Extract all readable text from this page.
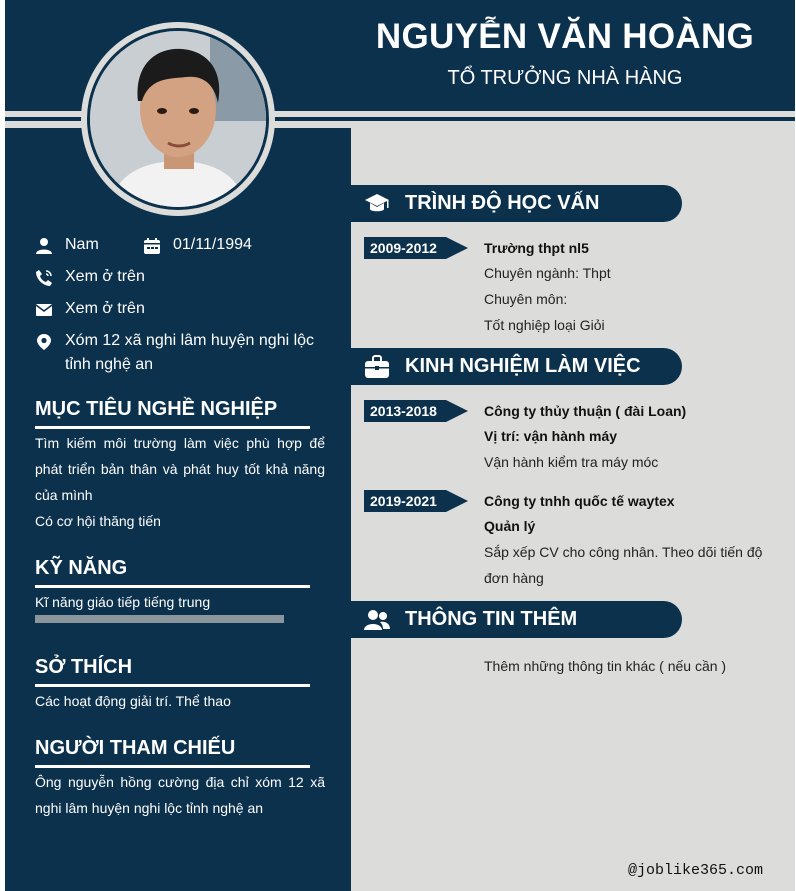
NGUYỄN VĂN HOÀNG
TỔ TRƯỞNG NHÀ HÀNG
Nam	01/11/1994
Xem ở trên
Xem ở trên
Xóm 12 xã nghi lâm huyện nghi lộc tỉnh nghệ an
MỤC TIÊU NGHỀ NGHIỆP
Tìm kiếm môi trường làm việc phù hợp để phát triển bản thân và phát huy tốt khả năng của mình
Có cơ hội thăng tiến
KỸ NĂNG
Kĩ năng giáo tiếp tiếng trung
SỞ THÍCH
Các hoạt động giải trí. Thể thao
NGƯỜI THAM CHIẾU
Ông nguyễn hồng cường địa chỉ xóm 12 xã nghi lâm huyện nghi lộc tỉnh nghệ an
TRÌNH ĐỘ HỌC VẤN
2009-2012	Trường thpt nl5
Chuyên ngành: Thpt
Chuyên môn:
Tốt nghiệp loại Giỏi
KINH NGHIỆM LÀM VIỆC
2013-2018	Công ty thủy thuận ( đài Loan)
Vị trí: vận hành máy
Vận hành kiểm tra máy móc
2019-2021	Công ty tnhh quốc tế waytex
Quản lý
Sắp xếp CV cho công nhân. Theo dõi tiến độ đơn hàng
THÔNG TIN THÊM
Thêm những thông tin khác ( nếu cần )
@joblike365.com
